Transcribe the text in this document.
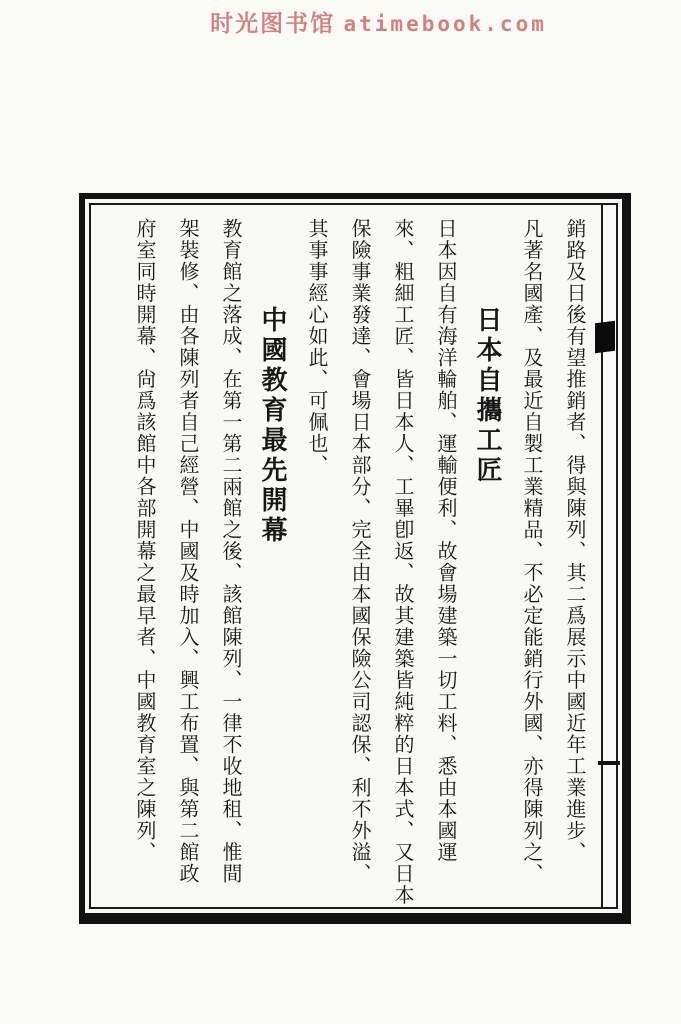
时光图书馆 atimebook.com
銷路及日後有望推銷者、得與陳列、其二爲展示中國近年工業進步、
凡著名國產、及最近自製工業精品、不必定能銷行外國、亦得陳列之、
日本自攜工匠
日本因自有海洋輪舶、運輸便利、故會場建築一切工料、悉由本國運
來、粗細工匠、皆日本人、工畢卽返、故其建築皆純粹的日本式、又日本
保險事業發達、會場日本部分、完全由本國保險公司認保、利不外溢、
其事事經心如此、可佩也、
中國教育最先開幕
教育館之落成、在第一第二兩館之後、該館陳列、一律不收地租、惟間
架裝修、由各陳列者自己經營、中國及時加入、興工布置、與第二館政
府室同時開幕、尙爲該館中各部開幕之最早者、中國教育室之陳列、
